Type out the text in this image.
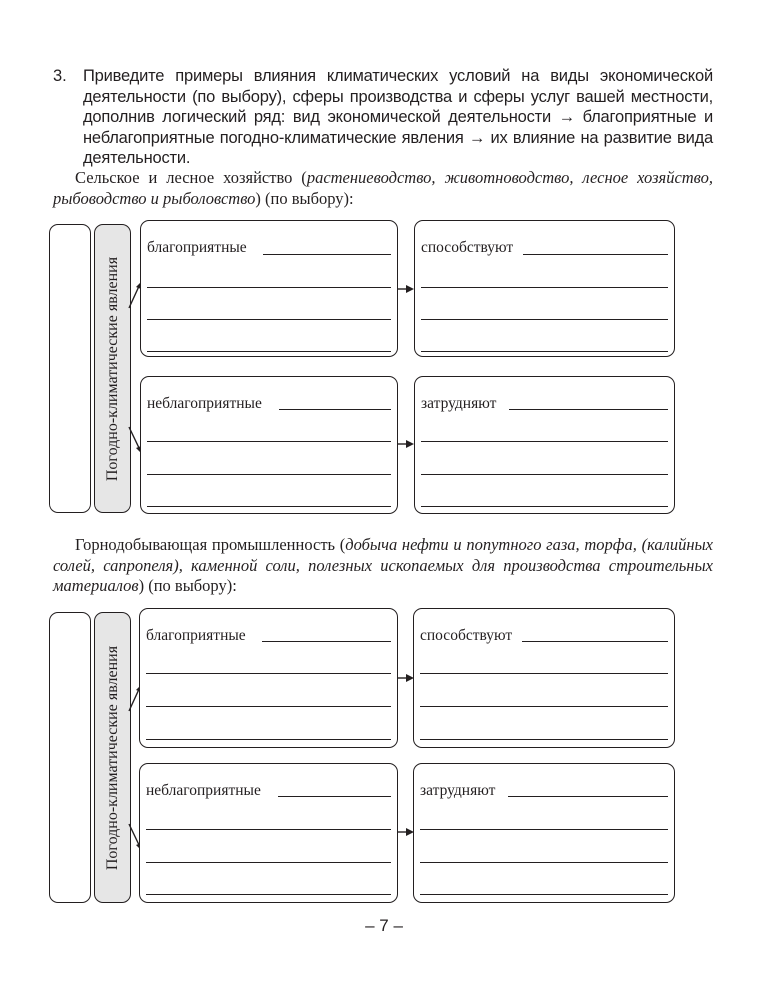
3. Приведите примеры влияния климатических условий на виды экономической деятельности (по выбору), сферы производства и сферы услуг вашей местности, дополнив логический ряд: вид экономической деятельности → благоприятные и неблагоприятные погодно-климатические явления → их влияние на развитие вида деятельности.
Сельское и лесное хозяйство (растениеводство, животноводство, лесное хозяйство, рыбоводство и рыболовство) (по выбору):
Погодно-климатические явления
благоприятные	способствуют
неблагоприятные	затрудняют
Горнодобывающая промышленность (добыча нефти и попутного газа, торфа, (калийных солей, сапропеля), каменной соли, полезных ископаемых для производства строительных материалов) (по выбору):
Погодно-климатические явления
благоприятные	способствуют
неблагоприятные	затрудняют
– 7 –
